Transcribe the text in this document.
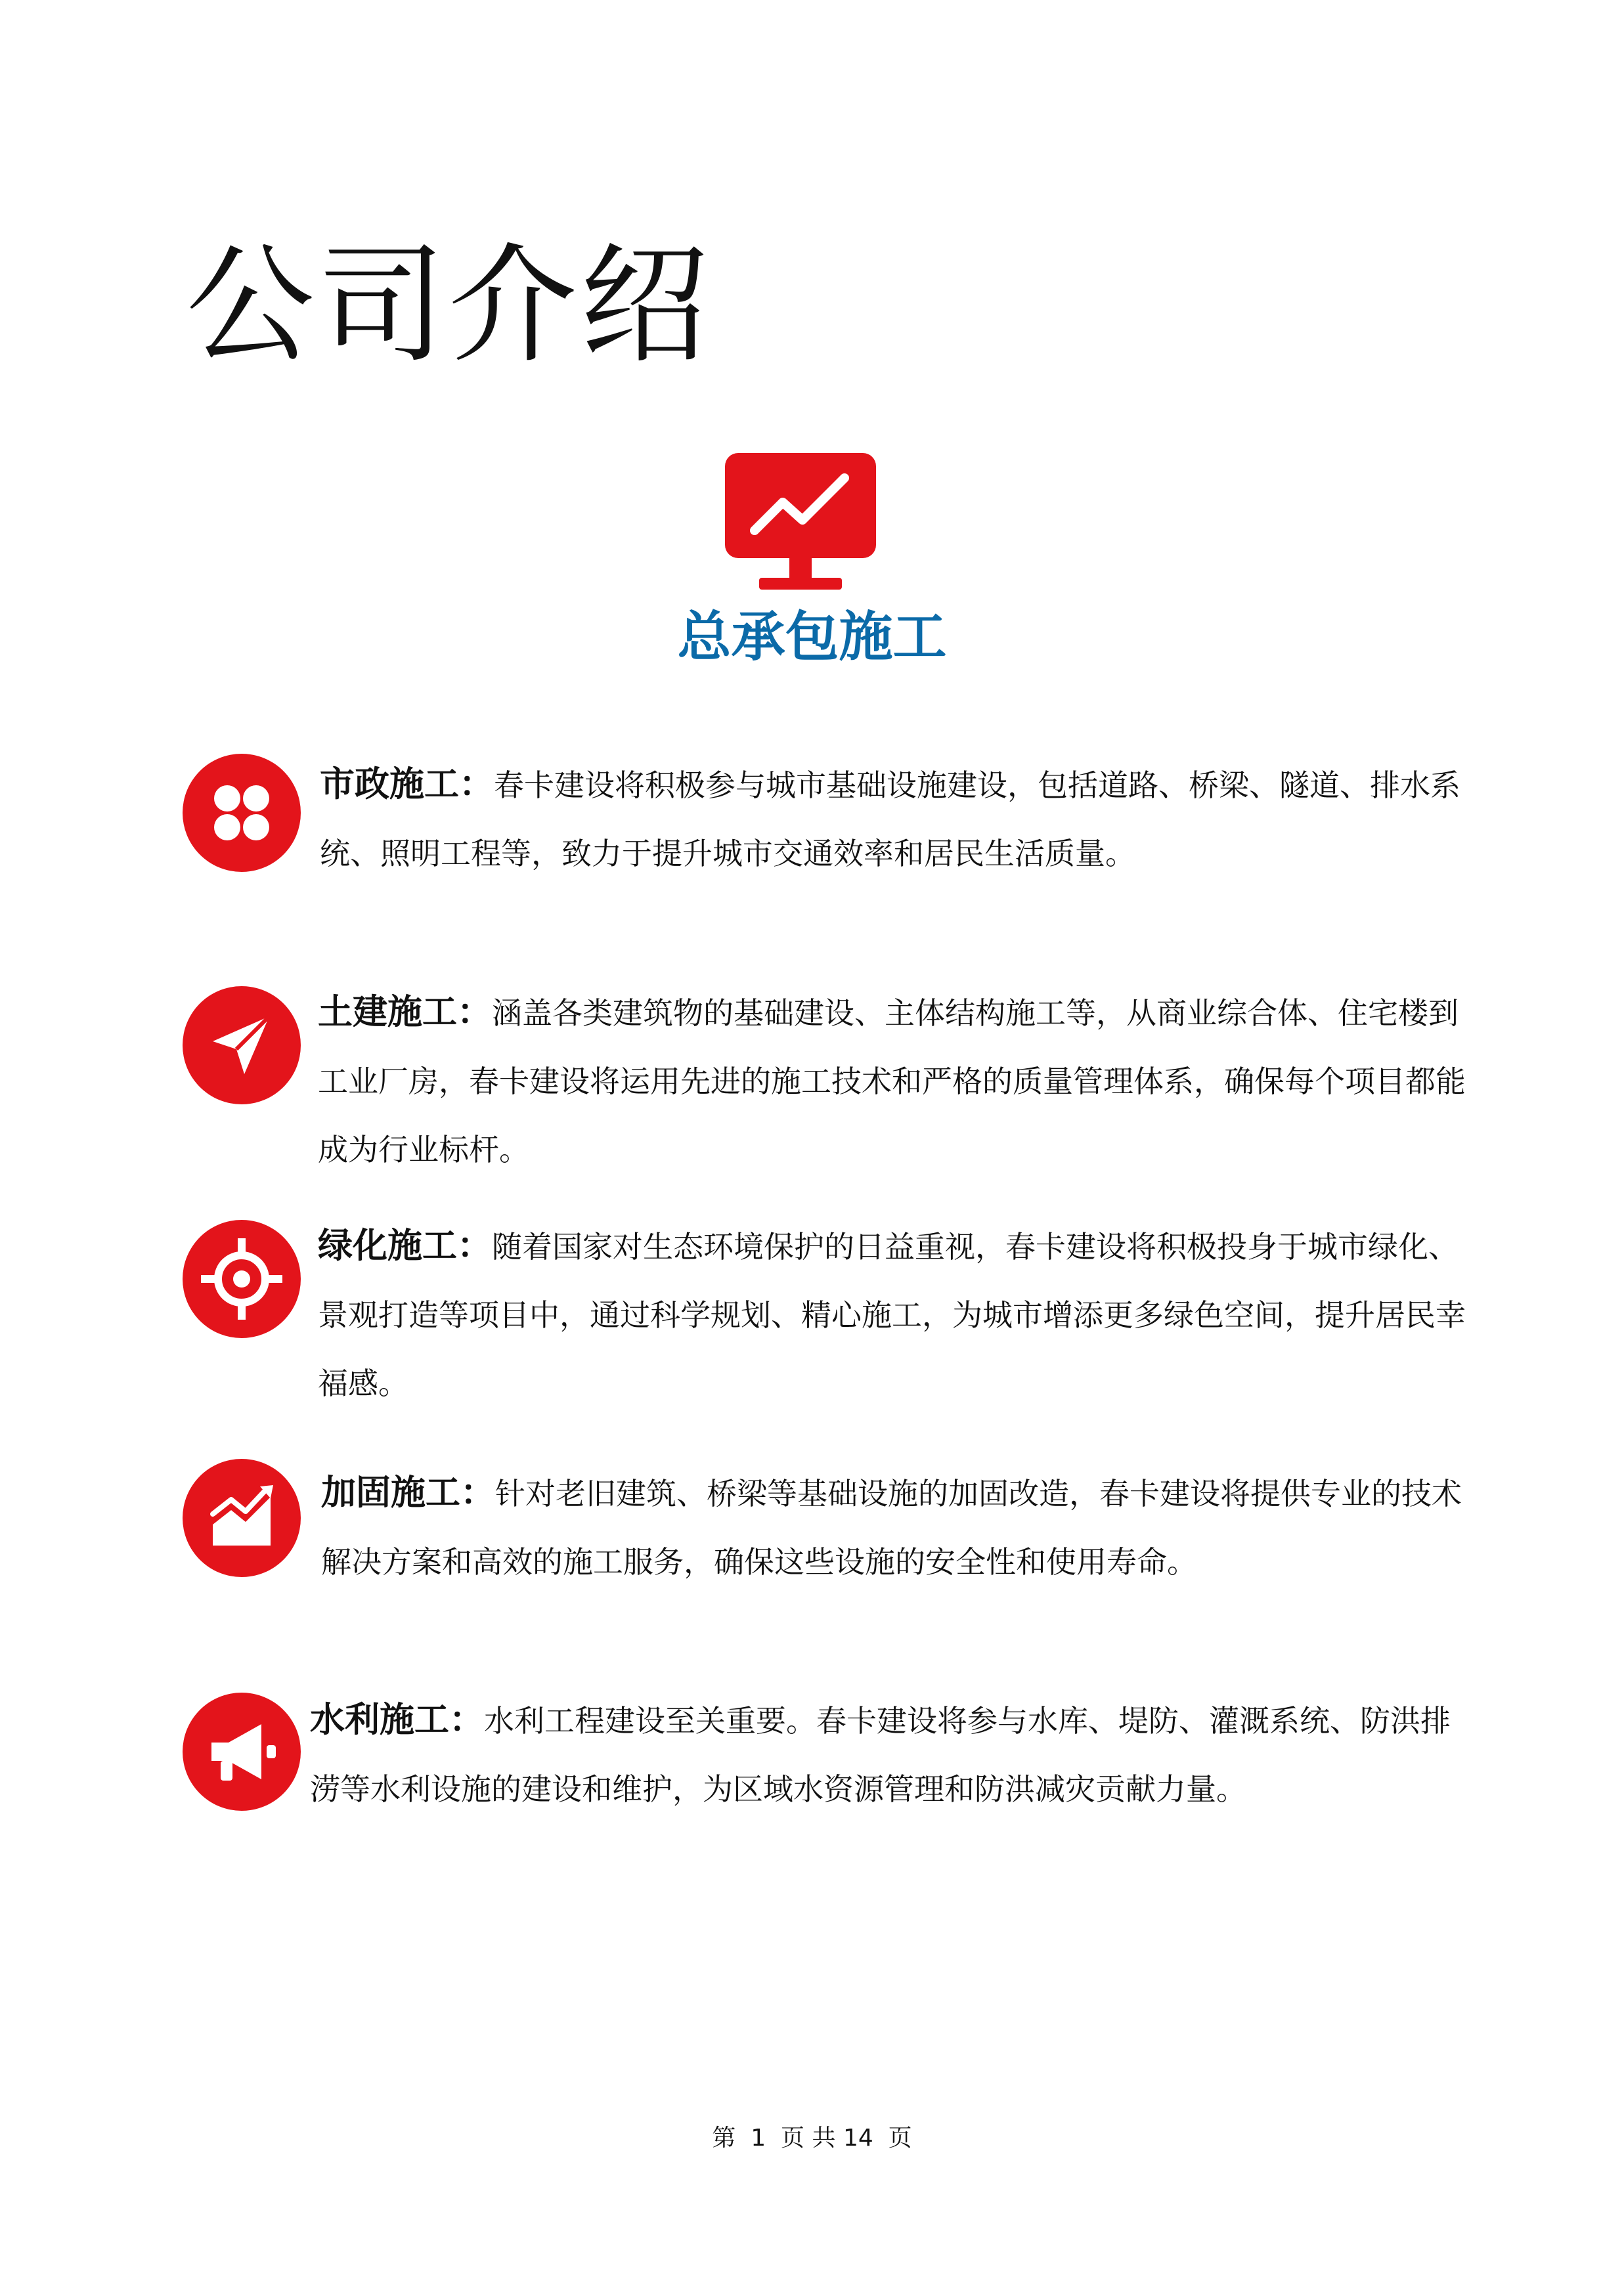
公司介绍
总承包施工

市政施工：春卡建设将积极参与城市基础设施建设，包括道路、桥梁、隧道、排水系统、照明工程等，致力于提升城市交通效率和居民生活质量。

土建施工：涵盖各类建筑物的基础建设、主体结构施工等，从商业综合体、住宅楼到工业厂房，春卡建设将运用先进的施工技术和严格的质量管理体系，确保每个项目都能成为行业标杆。

绿化施工：随着国家对生态环境保护的日益重视，春卡建设将积极投身于城市绿化、景观打造等项目中，通过科学规划、精心施工，为城市增添更多绿色空间，提升居民幸福感。

加固施工：针对老旧建筑、桥梁等基础设施的加固改造，春卡建设将提供专业的技术解决方案和高效的施工服务，确保这些设施的安全性和使用寿命。

水利施工：水利工程建设至关重要。春卡建设将参与水库、堤防、灌溉系统、防洪排涝等水利设施的建设和维护，为区域水资源管理和防洪减灾贡献力量。

第 1 页 共 14 页
